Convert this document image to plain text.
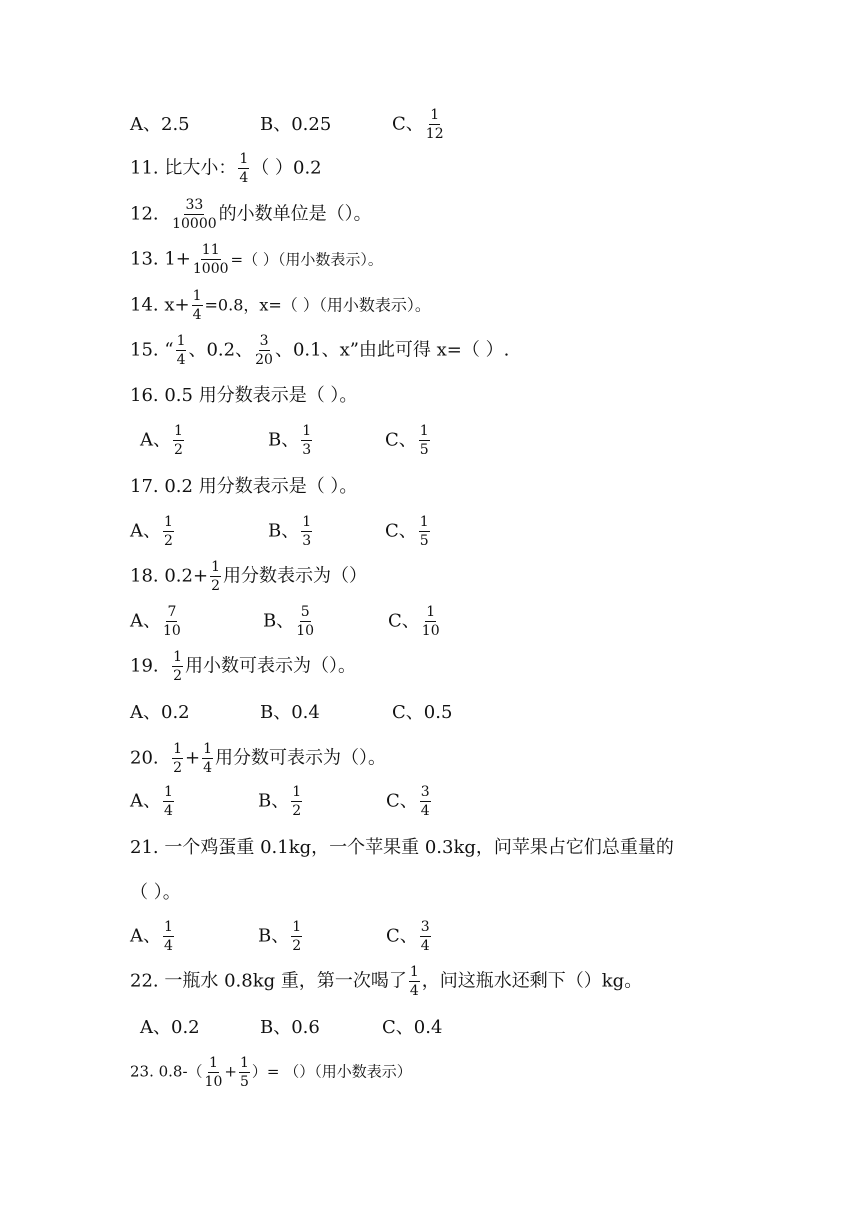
A、2.5	B、0.25	C、 $\frac{1}{12}$
11. 比大小： $\frac{1}{4}$ （ ）0.2
12. $\frac{33}{10000}$ 的小数单位是（）。
13. $1+ \frac{11}{1000}$ =（ ）（用小数表示）。
14. $x+ \frac{1}{4} =0.8$，x=（ ）（用小数表示）。
15. “ $\frac{1}{4}$ 、0.2、 $\frac{3}{20}$ 、0.1、x”由此可得 x=（ ）.
16. 0.5 用分数表示是（ ）。
A、 $\frac{1}{2}$	B、 $\frac{1}{3}$	C、 $\frac{1}{5}$
17. 0.2 用分数表示是（ ）。
A、 $\frac{1}{2}$	B、 $\frac{1}{3}$	C、 $\frac{1}{5}$
18. $0.2+ \frac{1}{2}$ 用分数表示为（）
A、 $\frac{7}{10}$	B、 $\frac{5}{10}$	C、 $\frac{1}{10}$
19. $\frac{1}{2}$ 用小数可表示为（）。
A、0.2	B、0.4	C、0.5
20. $\frac{1}{2} + \frac{1}{4}$ 用分数可表示为（）。
A、 $\frac{1}{4}$	B、 $\frac{1}{2}$	C、 $\frac{3}{4}$
21. 一个鸡蛋重 0.1kg，一个苹果重 0.3kg，问苹果占它们总重量的
（ ）。
A、 $\frac{1}{4}$	B、 $\frac{1}{2}$	C、 $\frac{3}{4}$
22. 一瓶水 0.8kg 重，第一次喝了 $\frac{1}{4}$ ，问这瓶水还剩下（）kg。
A、0.2	B、0.6	C、0.4
23. $0.8-( \frac{1}{10} + \frac{1}{5}$ ）= （）（用小数表示）
